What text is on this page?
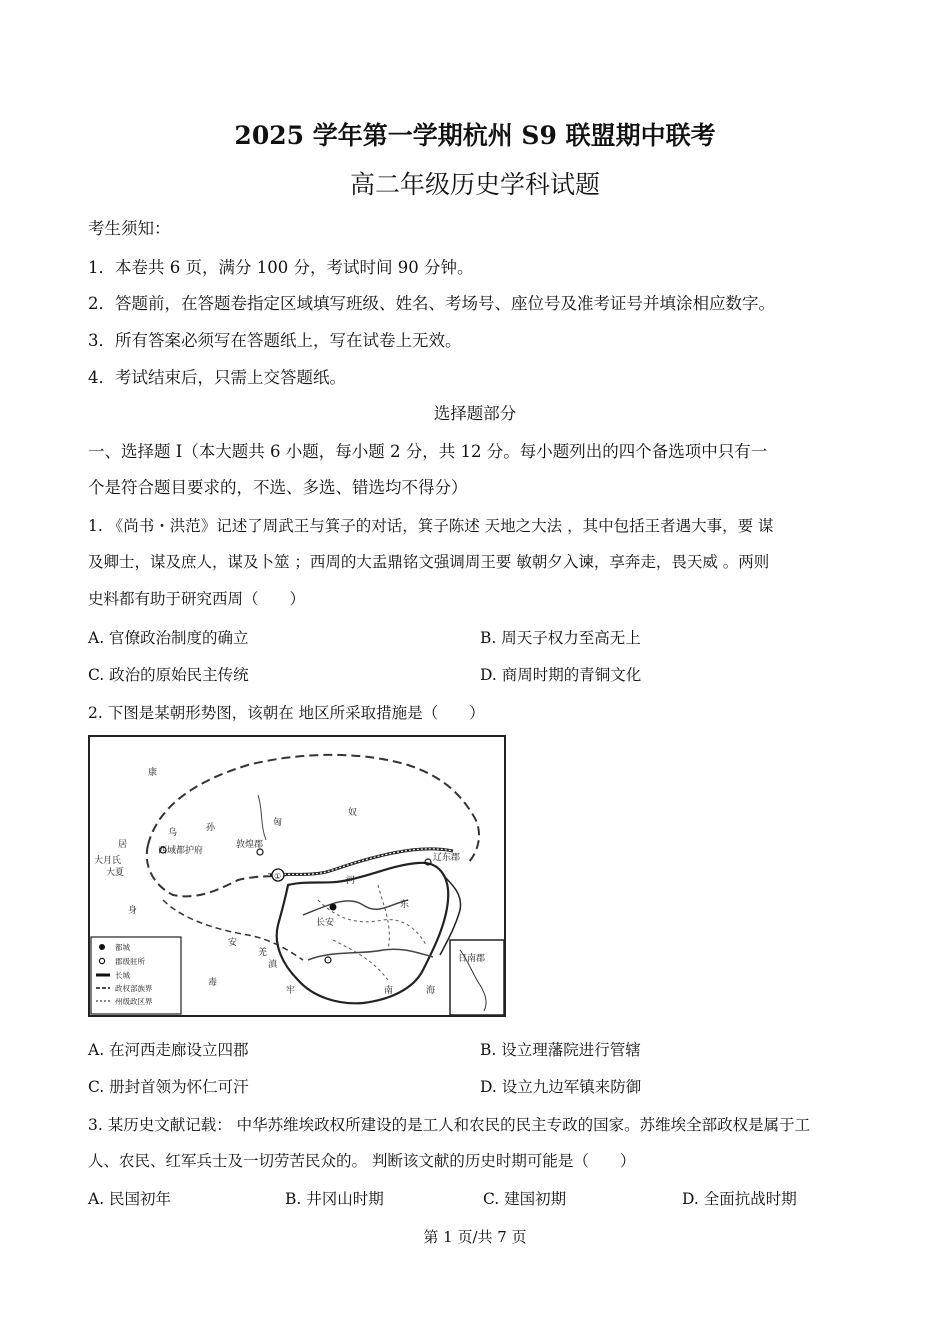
2025 学年第一学期杭州 S9 联盟期中联考
高二年级历史学科试题
考生须知：
1．本卷共 6 页，满分 100 分，考试时间 90 分钟。
2．答题前，在答题卷指定区域填写班级、姓名、考场号、座位号及准考证号并填涂相应数字。
3．所有答案必须写在答题纸上，写在试卷上无效。
4．考试结束后，只需上交答题纸。
选择题部分
一、选择题 I（本大题共 6 小题，每小题 2 分，共 12 分。每小题列出的四个备选项中只有一
个是符合题目要求的，不选、多选、错选均不得分）
1. 《尚书・洪范》记述了周武王与箕子的对话，箕子陈述 天地之大法 ，其中包括王者遇大事，要 谋
及卿士，谋及庶人，谋及卜筮 ；西周的大盂鼎铭文强调周王要 敏朝夕入谏，享奔走，畏天威 。两则
史料都有助于研究西周（　　）
A. 官僚政治制度的确立	B. 周天子权力至高无上
C. 政治的原始民主传统	D. 商周时期的青铜文化
2. 下图是某朝形势图，该朝在 地区所采取措施是（　　）
都城
郡级驻所
长城
政权部族界
州级政区界
康
居
乌	孙	匈
奴
大月氏
大夏
西域都护府
敦煌郡
身
毒
安
羌
长安
辽东郡
河
东
滇
牢	南	海
日南郡
①
A. 在河西走廊设立四郡	B. 设立理藩院进行管辖
C. 册封首领为怀仁可汗	D. 设立九边军镇来防御
3. 某历史文献记载： 中华苏维埃政权所建设的是工人和农民的民主专政的国家。苏维埃全部政权是属于工
人、农民、红军兵士及一切劳苦民众的。 判断该文献的历史时期可能是（　　）
A. 民国初年	B. 井冈山时期	C. 建国初期	D. 全面抗战时期
第 1 页/共 7 页
